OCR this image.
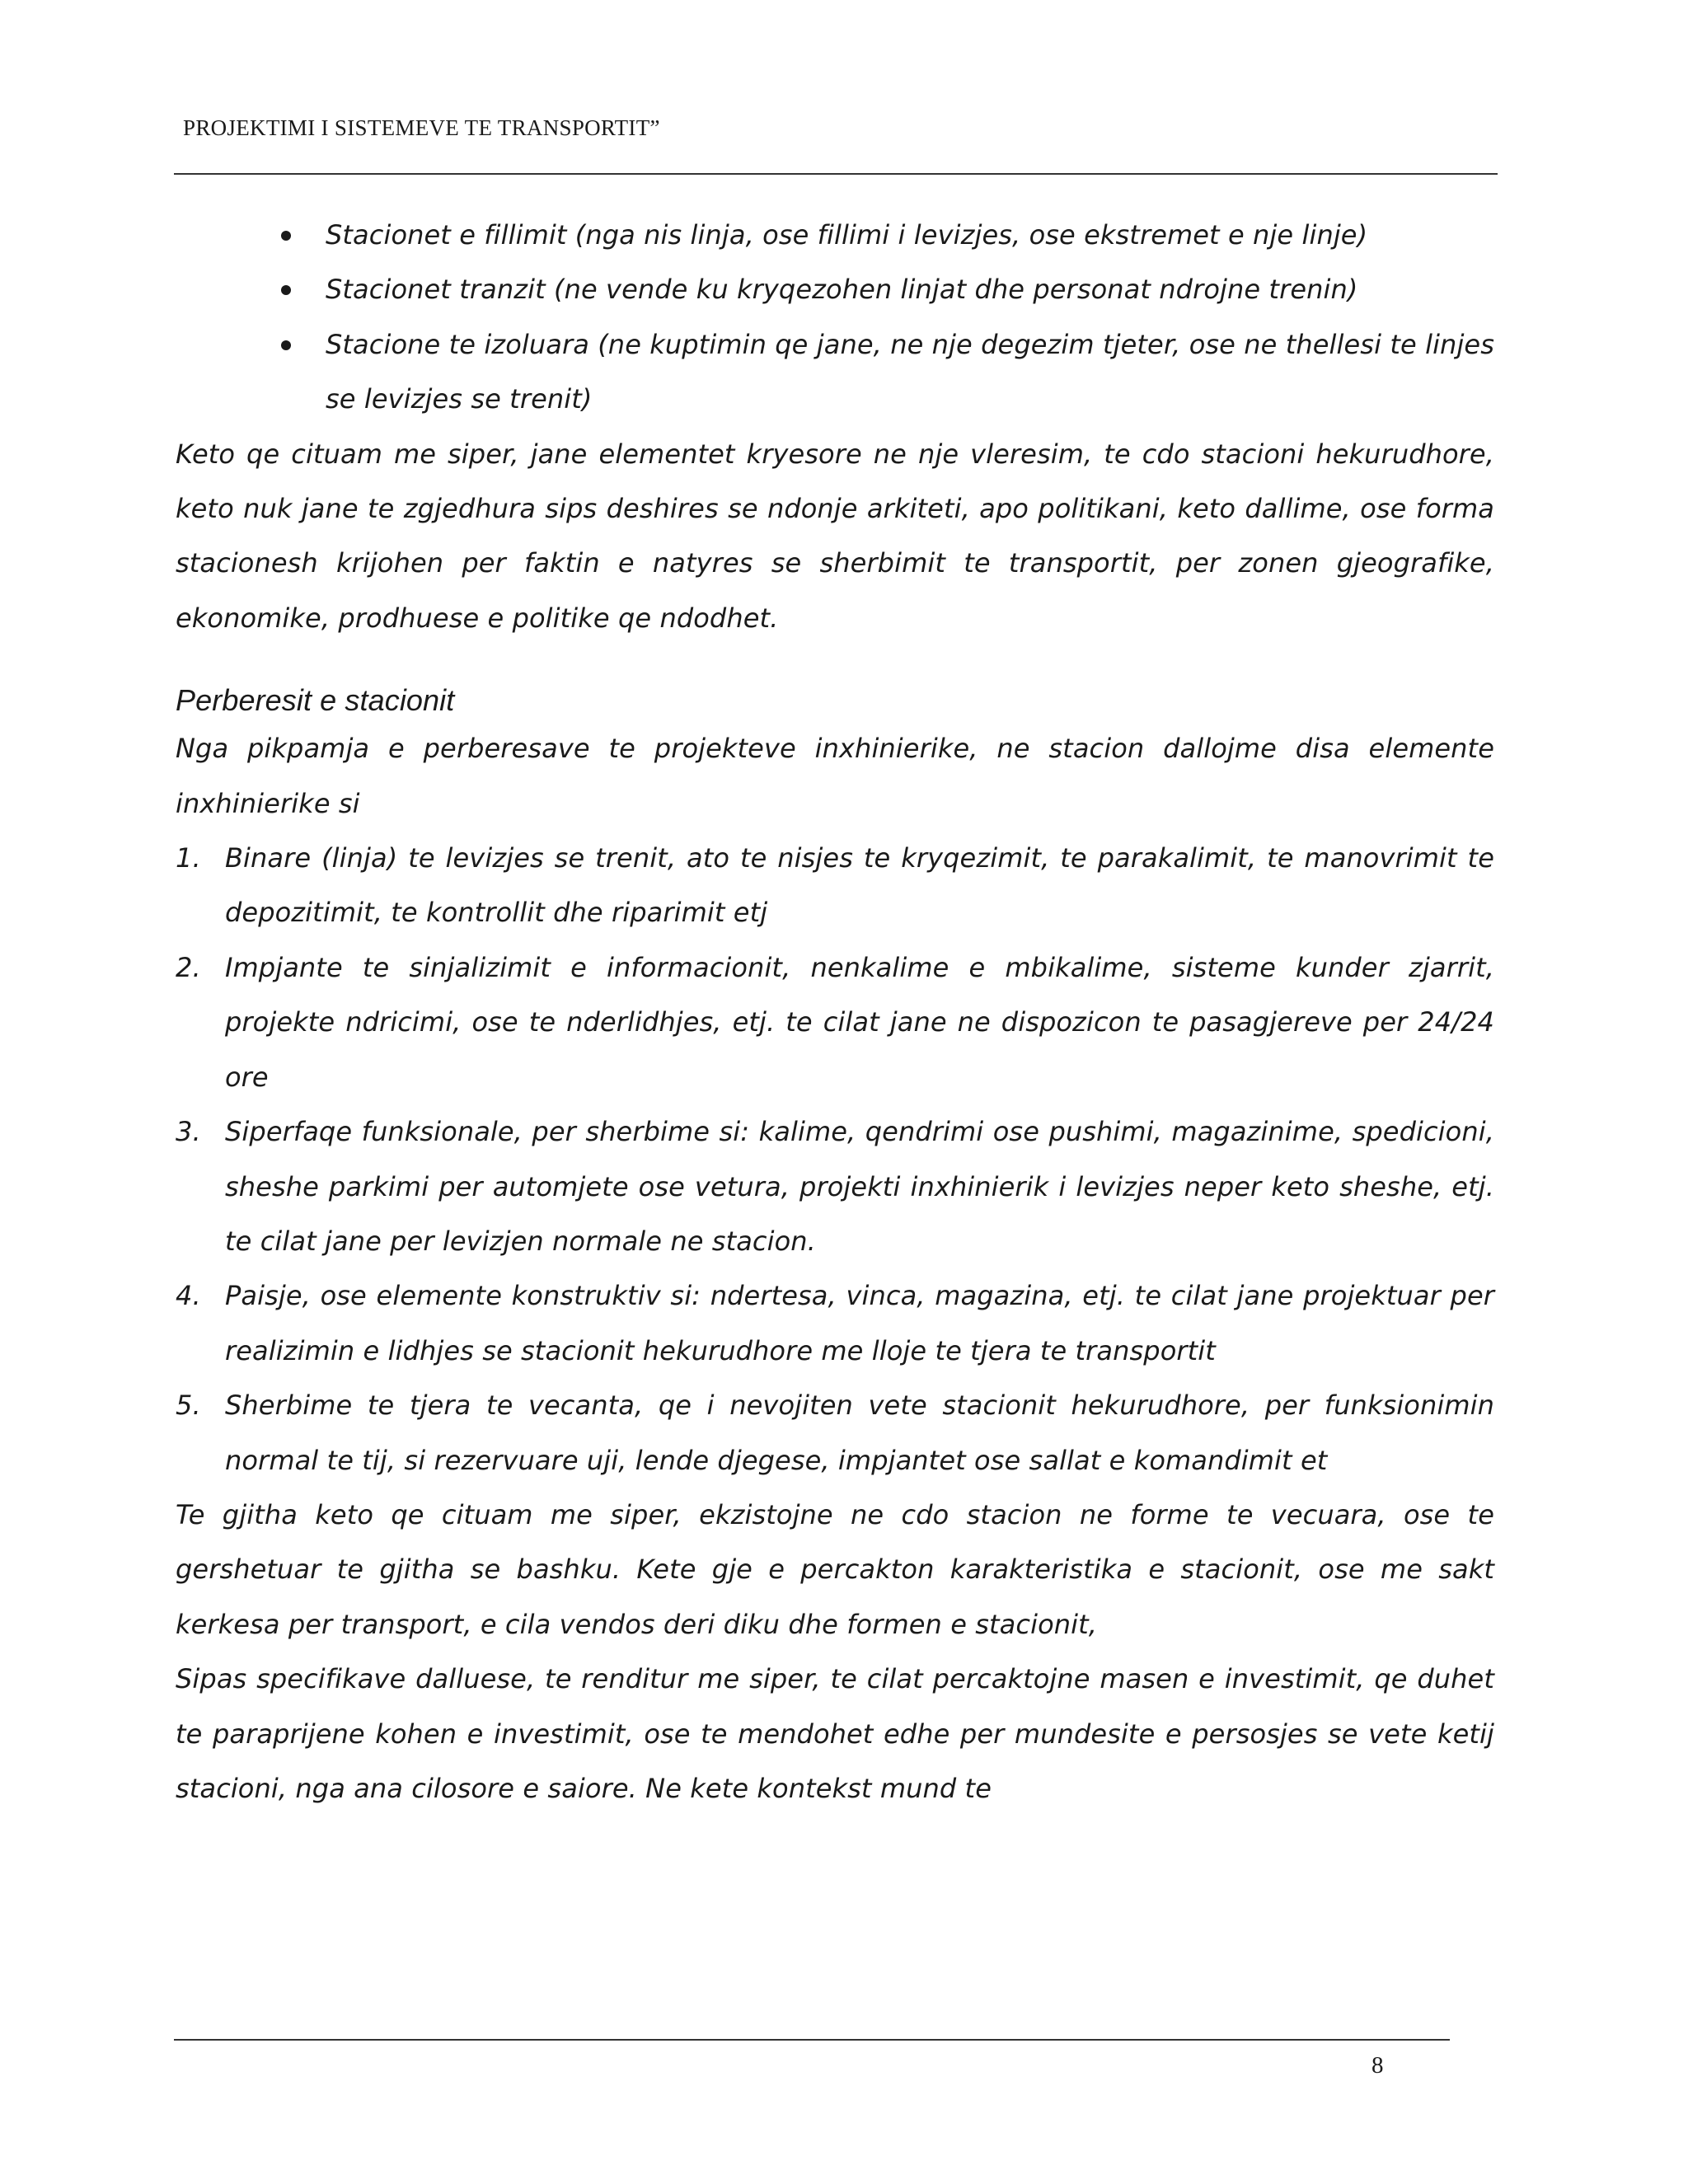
PROJEKTIMI I SISTEMEVE TE TRANSPORTIT”
Stacionet e fillimit (nga nis linja, ose fillimi i levizjes, ose ekstremet e nje linje)
Stacionet tranzit (ne vende ku kryqezohen linjat dhe personat ndrojne trenin)
Stacione te izoluara (ne kuptimin qe jane, ne nje degezim tjeter, ose ne thellesi te linjes se levizjes se trenit)

Keto qe cituam me siper, jane elementet kryesore ne nje vleresim, te cdo stacioni hekurudhore, keto nuk jane te zgjedhura sips deshires se ndonje arkiteti, apo politikani, keto dallime, ose forma stacionesh krijohen per faktin e natyres se sherbimit te transportit, per zonen gjeografike, ekonomike, prodhuese e politike qe ndodhet.

Perberesit e stacionit

Nga pikpamja e perberesave te projekteve inxhinierike, ne stacion dallojme disa elemente inxhinierike si

1. Binare (linja) te levizjes se trenit, ato te nisjes te kryqezimit, te parakalimit, te manovrimit te depozitimit, te kontrollit dhe riparimit etj
2. Impjante te sinjalizimit e informacionit, nenkalime e mbikalime, sisteme kunder zjarrit, projekte ndricimi, ose te nderlidhjes, etj. te cilat jane ne dispozicon te pasagjereve per 24/24 ore
3. Siperfaqe funksionale, per sherbime si: kalime, qendrimi ose pushimi, magazinime, spedicioni, sheshe parkimi per automjete ose vetura, projekti inxhinierik i levizjes neper keto sheshe, etj. te cilat jane per levizjen normale ne stacion.
4. Paisje, ose elemente konstruktiv si: ndertesa, vinca, magazina, etj. te cilat jane projektuar per realizimin e lidhjes se stacionit hekurudhore me lloje te tjera te transportit
5. Sherbime te tjera te vecanta, qe i nevojiten vete stacionit hekurudhore, per funksionimin normal te tij, si rezervuare uji, lende djegese, impjantet ose sallat e komandimit et

Te gjitha keto qe cituam me siper, ekzistojne ne cdo stacion ne forme te vecuara, ose te gershetuar te gjitha se bashku. Kete gje e percakton karakteristika e stacionit, ose me sakt kerkesa per transport, e cila vendos deri diku dhe formen e stacionit,

Sipas specifikave dalluese, te renditur me siper, te cilat percaktojne masen e investimit, qe duhet te paraprijene kohen e investimit, ose te mendohet edhe per mundesite e persosjes se vete ketij stacioni, nga ana cilosore e saiore. Ne kete kontekst mund te

8
